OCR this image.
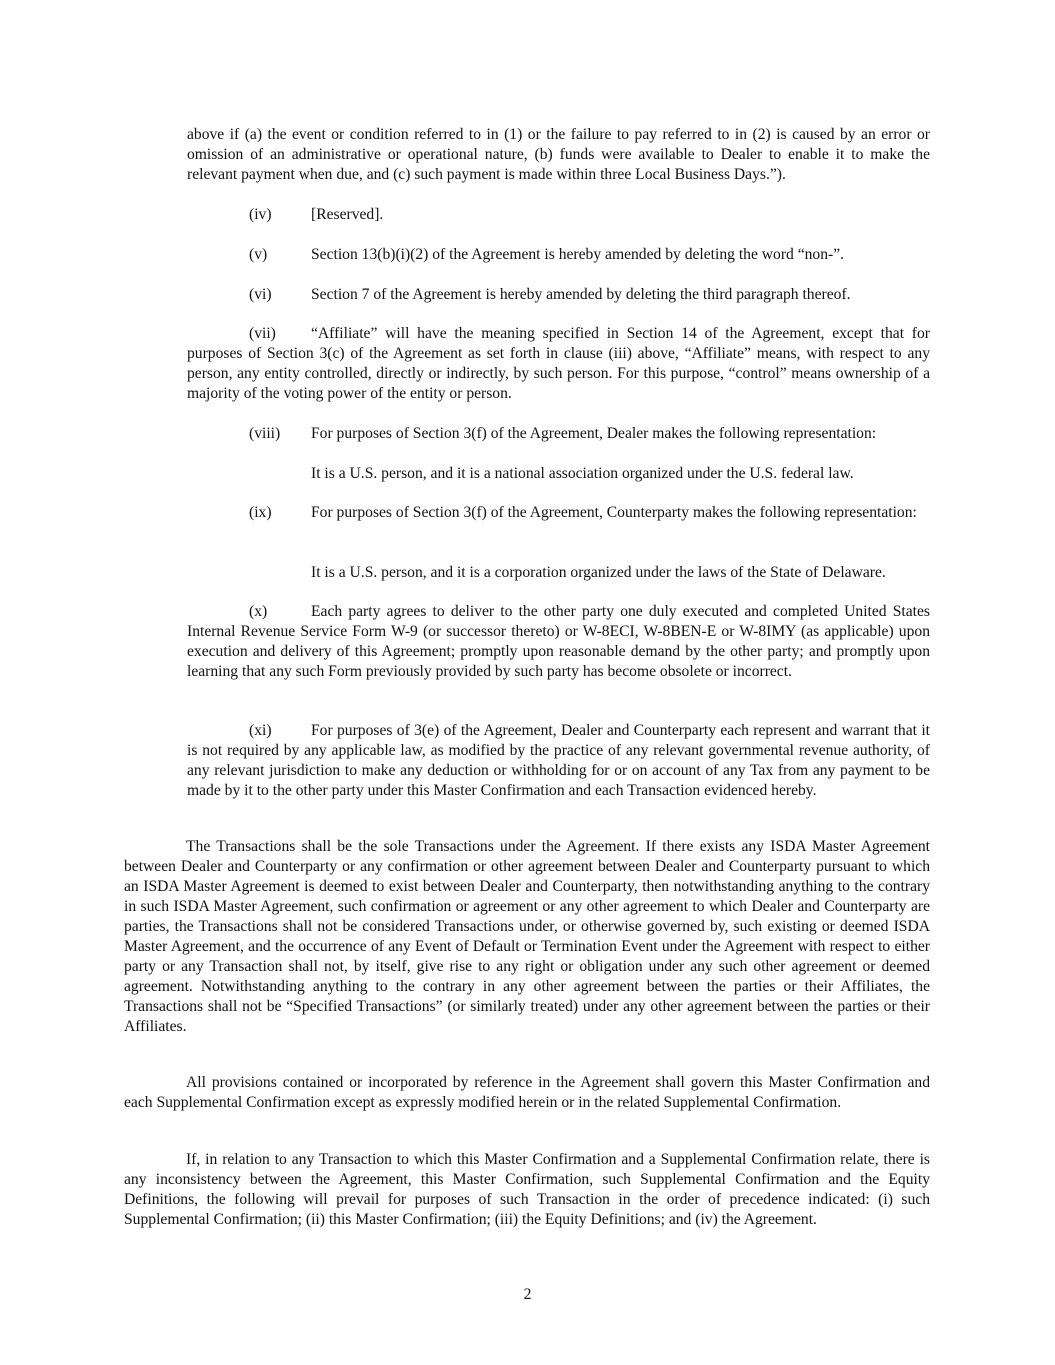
above if (a) the event or condition referred to in (1) or the failure to pay referred to in (2) is caused by an error or omission of an administrative or operational nature, (b) funds were available to Dealer to enable it to make the relevant payment when due, and (c) such payment is made within three Local Business Days.”).

(iv)	[Reserved].
(v)	Section 13(b)(i)(2) of the Agreement is hereby amended by deleting the word “non-”.
(vi)	Section 7 of the Agreement is hereby amended by deleting the third paragraph thereof.

(vii) “Affiliate” will have the meaning specified in Section 14 of the Agreement, except that for purposes of Section 3(c) of the Agreement as set forth in clause (iii) above, “Affiliate” means, with respect to any person, any entity controlled, directly or indirectly, by such person. For this purpose, “control” means ownership of a majority of the voting power of the entity or person.

(viii) For purposes of Section 3(f) of the Agreement, Dealer makes the following representation:

It is a U.S. person, and it is a national association organized under the U.S. federal law.

(ix)	For purposes of Section 3(f) of the Agreement, Counterparty makes the following representation:

It is a U.S. person, and it is a corporation organized under the laws of the State of Delaware.

(x)	Each party agrees to deliver to the other party one duly executed and completed United States Internal Revenue Service Form W-9 (or successor thereto) or W-8ECI, W-8BEN-E or W-8IMY (as applicable) upon execution and delivery of this Agreement; promptly upon reasonable demand by the other party; and promptly upon learning that any such Form previously provided by such party has become obsolete or incorrect.

(xi)	For purposes of 3(e) of the Agreement, Dealer and Counterparty each represent and warrant that it is not required by any applicable law, as modified by the practice of any relevant governmental revenue authority, of any relevant jurisdiction to make any deduction or withholding for or on account of any Tax from any payment to be made by it to the other party under this Master Confirmation and each Transaction evidenced hereby.

The Transactions shall be the sole Transactions under the Agreement. If there exists any ISDA Master Agreement between Dealer and Counterparty or any confirmation or other agreement between Dealer and Counterparty pursuant to which an ISDA Master Agreement is deemed to exist between Dealer and Counterparty, then notwithstanding anything to the contrary in such ISDA Master Agreement, such confirmation or agreement or any other agreement to which Dealer and Counterparty are parties, the Transactions shall not be considered Transactions under, or otherwise governed by, such existing or deemed ISDA Master Agreement, and the occurrence of any Event of Default or Termination Event under the Agreement with respect to either party or any Transaction shall not, by itself, give rise to any right or obligation under any such other agreement or deemed agreement. Notwithstanding anything to the contrary in any other agreement between the parties or their Affiliates, the Transactions shall not be “Specified Transactions” (or similarly treated) under any other agreement between the parties or their Affiliates.

All provisions contained or incorporated by reference in the Agreement shall govern this Master Confirmation and each Supplemental Confirmation except as expressly modified herein or in the related Supplemental Confirmation.

If, in relation to any Transaction to which this Master Confirmation and a Supplemental Confirmation relate, there is any inconsistency between the Agreement, this Master Confirmation, such Supplemental Confirmation and the Equity Definitions, the following will prevail for purposes of such Transaction in the order of precedence indicated: (i) such Supplemental Confirmation; (ii) this Master Confirmation; (iii) the Equity Definitions; and (iv) the Agreement.

2
